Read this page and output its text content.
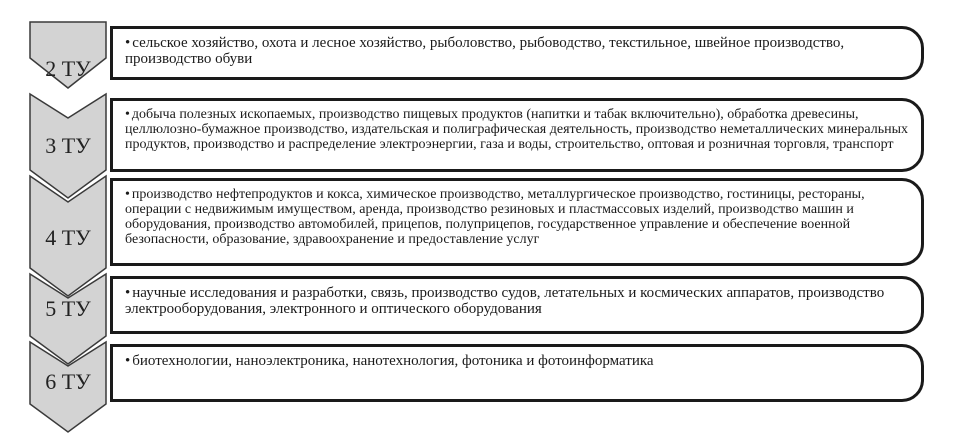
2 ТУ
3 ТУ
4 ТУ
5 ТУ
6 ТУ
• сельское хозяйство, охота и лесное хозяйство, рыболовство, рыбоводство, текстильное, швейное производство, производство обуви
• добыча полезных ископаемых, производство пищевых продуктов (напитки и табак включительно), обработка древесины, целлюлозно-бумажное производство, издательская и полиграфическая деятельность, производство неметаллических минеральных продуктов, производство и распределение электроэнергии, газа и воды, строительство, оптовая и розничная торговля, транспорт
• производство нефтепродуктов и кокса, химическое производство, металлургическое производство, гостиницы, рестораны, операции с недвижимым имуществом, аренда, производство резиновых и пластмассовых изделий, производство машин и оборудования, производство автомобилей, прицепов, полуприцепов, государственное управление и обеспечение военной безопасности, образование, здравоохранение и предоставление услуг
• научные исследования и разработки, связь, производство судов, летательных и космических аппаратов, производство электрооборудования, электронного и оптического оборудования
• биотехнологии, наноэлектроника, нанотехнология, фотоника и фотоинформатика
